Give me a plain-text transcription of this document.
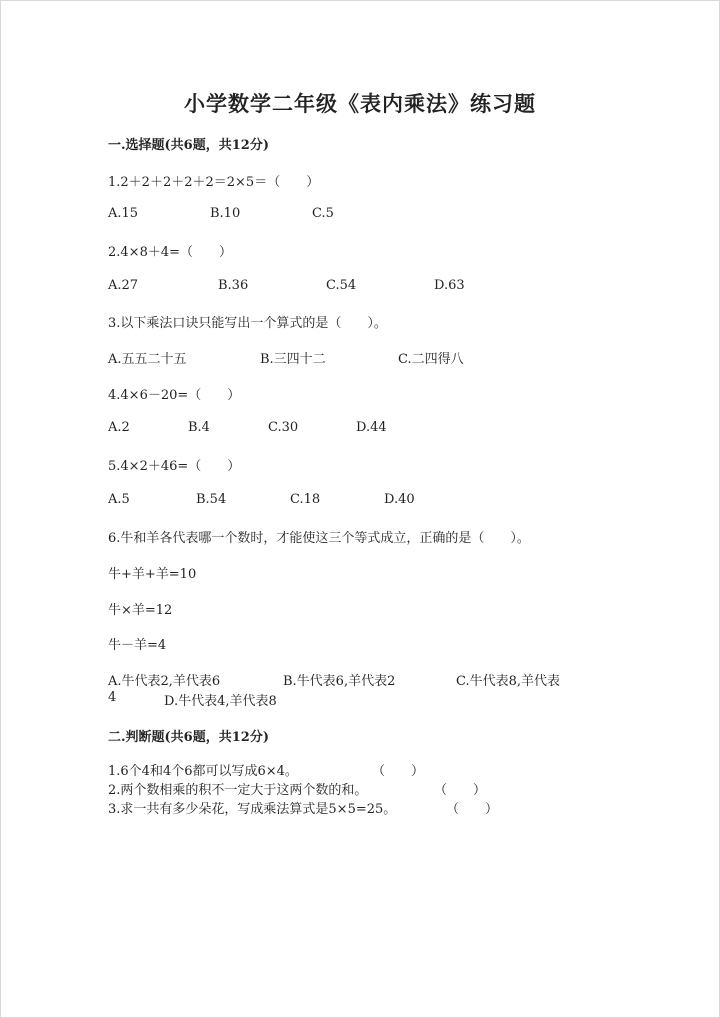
小学数学二年级《表内乘法》练习题
一.选择题(共6题，共12分)
1.2＋2＋2＋2＋2＝2×5＝（　　）
A.15	B.10	C.5
2.4×8＋4=（　　）
A.27	B.36	C.54	D.63
3.以下乘法口诀只能写出一个算式的是（　　）。
A.五五二十五	B.三四十二	C.二四得八
4.4×6－20=（　　）
A.2	B.4	C.30	D.44
5.4×2＋46=（　　）
A.5	B.54	C.18	D.40
6.牛和羊各代表哪一个数时，才能使这三个等式成立，正确的是（　　）。
牛+羊+羊=10
牛×羊=12
牛－羊=4
A.牛代表2,羊代表6	B.牛代表6,羊代表2	C.牛代表8,羊代表
4	D.牛代表4,羊代表8
二.判断题(共6题，共12分)
1.6个4和4个6都可以写成6×4。	（　　）
2.两个数相乘的积不一定大于这两个数的和。	（　　）
3.求一共有多少朵花，写成乘法算式是5×5=25。	（　　）
